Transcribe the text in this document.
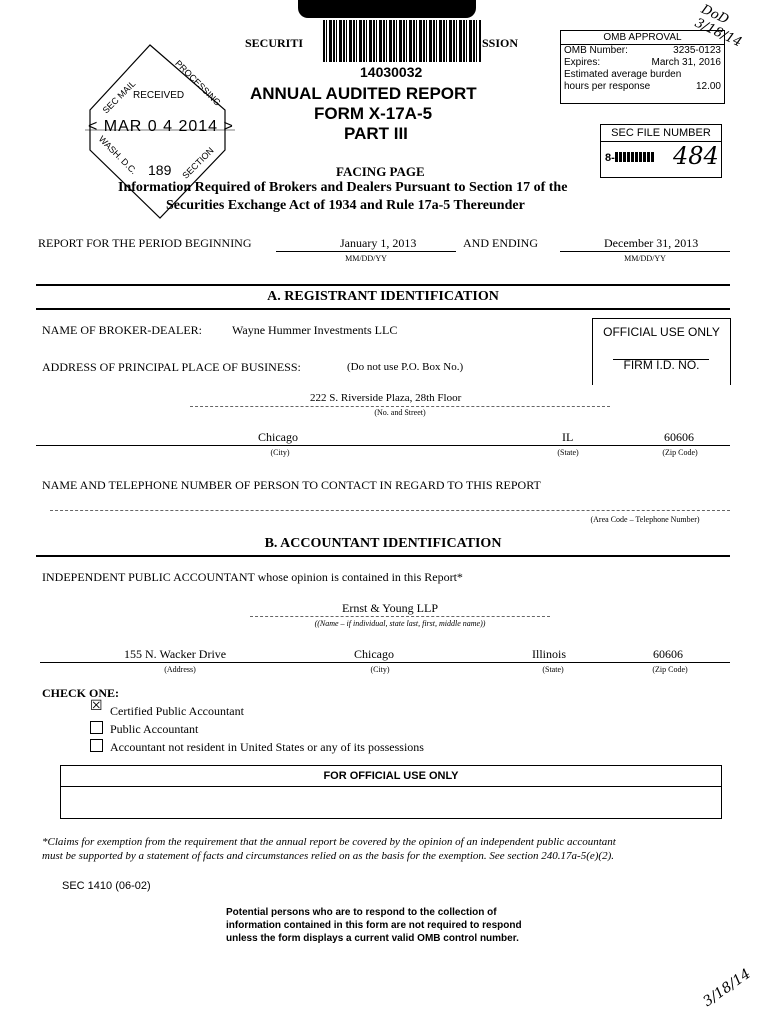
DoD 3/18/14
SEC MAIL	PROCESSING
RECEIVED
< MAR 0 4 2014 >
189
WASH. D.C.	SECTION
SECURITI
14030032
SSION
ANNUAL AUDITED REPORT
FORM X-17A-5
PART III
OMB APPROVAL
OMB Number:	3235-0123
Expires:	March 31, 2016
Estimated average burden
hours per response	12.00
SEC FILE NUMBER
8- 484
FACING PAGE
Information Required of Brokers and Dealers Pursuant to Section 17 of the
Securities Exchange Act of 1934 and Rule 17a-5 Thereunder
REPORT FOR THE PERIOD BEGINNING	January 1, 2013
MM/DD/YY
AND ENDING	December 31, 2013
MM/DD/YY
A. REGISTRANT IDENTIFICATION
NAME OF BROKER-DEALER: Wayne Hummer Investments LLC	OFFICIAL USE ONLY
FIRM I.D. NO.
ADDRESS OF PRINCIPAL PLACE OF BUSINESS:	(Do not use P.O. Box No.)
222 S. Riverside Plaza, 28th Floor
(No. and Street)
Chicago	IL	60606
(City)	(State)	(Zip Code)
NAME AND TELEPHONE NUMBER OF PERSON TO CONTACT IN REGARD TO THIS REPORT
(Area Code – Telephone Number)
B. ACCOUNTANT IDENTIFICATION
INDEPENDENT PUBLIC ACCOUNTANT whose opinion is contained in this Report*
Ernst & Young LLP
((Name – if individual, state last, first, middle name))
155 N. Wacker Drive	Chicago	Illinois	60606
(Address)	(City)	(State)	(Zip Code)
CHECK ONE:
☒ Certified Public Accountant
Public Accountant
Accountant not resident in United States or any of its possessions
FOR OFFICIAL USE ONLY
*Claims for exemption from the requirement that the annual report be covered by the opinion of an independent public accountant
must be supported by a statement of facts and circumstances relied on as the basis for the exemption. See section 240.17a-5(e)(2).
SEC 1410 (06-02)
Potential persons who are to respond to the collection of
information contained in this form are not required to respond
unless the form displays a current valid OMB control number.
3/18/14
